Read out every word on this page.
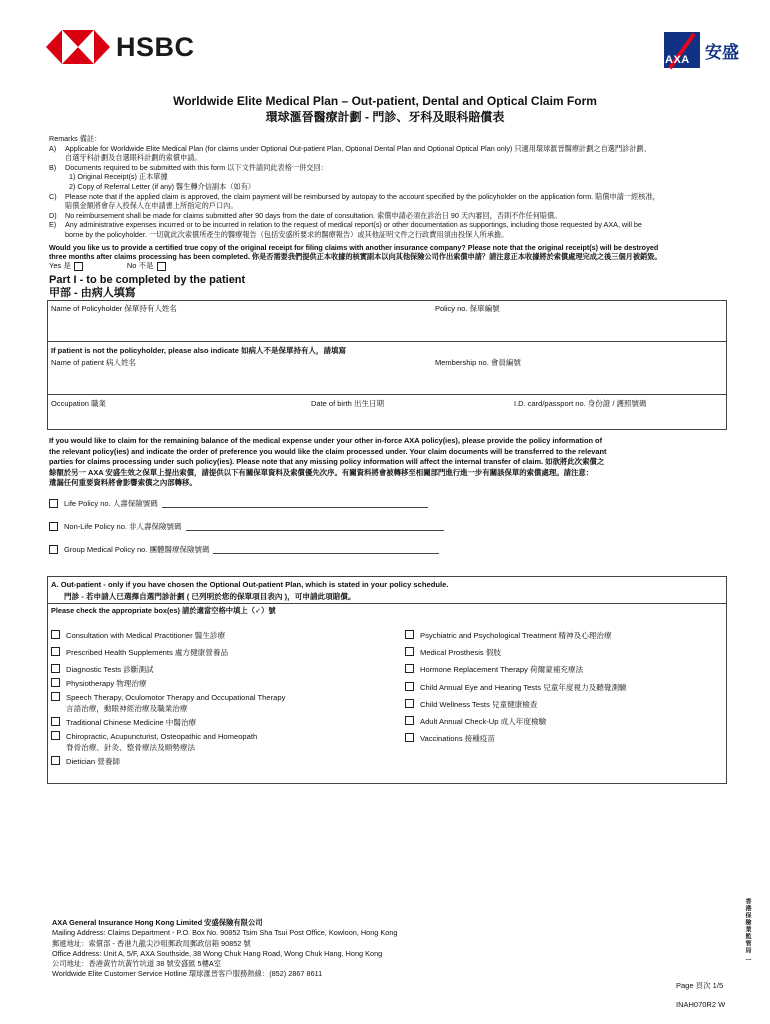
HSBC	AXA 安盛
Worldwide Elite Medical Plan – Out-patient, Dental and Optical Claim Form
環球滙晉醫療計劃 - 門診、牙科及眼科賠償表
Remarks 備註：
A)	Applicable for Worldwide Elite Medical Plan (for claims under Optional Out-patient Plan, Optional Dental Plan and Optional Optical Plan only) 只適用環球滙晉醫療計劃之自選門診計劃、
自選牙科計劃及自選眼科計劃的索償申請。
B)	Documents required to be submitted with this form 以下文件請同此表格一併交回：
1) Original Receipt(s) 正本單據
2) Copy of Referral Letter (if any) 醫生轉介信副本（如有）
C)	Please note that if the applied claim is approved, the claim payment will be reimbursed by autopay to the account specified by the policyholder on the application form. 賠償申請一經核准，
賠償金額將會存入投保人在申請書上所指定的戶口內。
D)	No reimbursement shall be made for claims submitted after 90 days from the date of consultation. 索償申請必須在診治日 90 天內審回，否則不作任何賠償。
E)	Any administrative expenses incurred or to be incurred in relation to the request of medical report(s) or other documentation as supportings, including those requested by AXA, will be
borne by the policyholder. 一切就此次索償所產生的醫療報告（包括安盛所要求的醫療報告）或其他証明文件之行政費用須由投保人所承擔。
Would you like us to provide a certified true copy of the original receipt for filing claims with another insurance company? Please note that the original receipt(s) will be destroyed
three months after claims processing has been completed. 你是否需要我們提供正本收據的核實副本以向其他保險公司作出索償申請？請注意正本收據將於索償處理完成之後三個月被銷毀。
Yes 是	No 不是
Part I - to be completed by the patient
甲部 - 由病人填寫
Name of Policyholder 保單持有人姓名	Policy no. 保單編號
If patient is not the policyholder, please also indicate 如病人不是保單持有人，請填寫
Name of patient 病人姓名	Membership no. 會員編號
Occupation 職業	Date of birth 出生日期	I.D. card/passport no. 身份證 / 護照號碼
If you would like to claim for the remaining balance of the medical expense under your other in-force AXA policy(ies), please provide the policy information of
the relevant policy(ies) and indicate the order of preference you would like the claim processed under. Your claim documents will be transferred to the relevant
parties for claims processing under such policy(ies). Please note that any missing policy information will affect the internal transfer of claim. 如欲將此次索償之
餘額於另一 AXA 安盛生效之保單上提出索償，請提供以下有關保單資料及索償優先次序。有關資料將會被轉移至相關部門進行進一步有關該保單的索償處理。請注意：
遺漏任何重要資料將會影響索償之內部轉移。
Life Policy no. 人壽保險號碼
Non-Life Policy no. 非人壽保險號碼
Group Medical Policy no. 團體醫療保險號碼
A. Out-patient - only if you have chosen the Optional Out-patient Plan, which is stated in your policy schedule.
門診 - 若申請人已選擇自選門診計劃 ( 已列明於您的保單項目表內 )，可申請此項賠償。
Please check the appropriate box(es) 請於適當空格中填上（✓）號
Consultation with Medical Practitioner 醫生診療
Prescribed Health Supplements 處方健康營養品
Diagnostic Tests 診斷測試
Physiotherapy 物理治療
Speech Therapy, Oculomotor Therapy and Occupational Therapy
言語治療，動眼神經治療及職業治療
Traditional Chinese Medicine 中醫治療
Chiropractic, Acupuncturist, Osteopathic and Homeopath
脊骨治療、針灸、整骨療法及順勢療法
Dietician 營養師
Psychiatric and Psychological Treatment 精神及心理治療
Medical Prosthesis 假肢
Hormone Replacement Therapy 荷爾蒙補充療法
Child Annual Eye and Hearing Tests 兒童年度視力及聽覺測驗
Child Wellness Tests 兒童健康檢查
Adult Annual Check-Up 成人年度檢驗
Vaccinations 接種疫苗
AXA General Insurance Hong Kong Limited 安盛保險有限公司
Mailing Address: Claims Department - P.O. Box No. 90852 Tsim Sha Tsui Post Office, Kowloon, Hong Kong
郵遞地址：索償部 - 香港九龍尖沙咀郵政局郵政信箱 90852 號
Office Address: Unit A, 5/F, AXA Southside, 38 Wong Chuk Hang Road, Wong Chuk Hang, Hong Kong
公司地址：香港黃竹坑黃竹坑道 38 號安盛匯 5樓A室
Worldwide Elite Customer Service Hotline 環球滙晉客戶服務熱線：(852) 2867 8611
Page 頁次 1/5
INAH070R2 W
香港保險業監管局 一
